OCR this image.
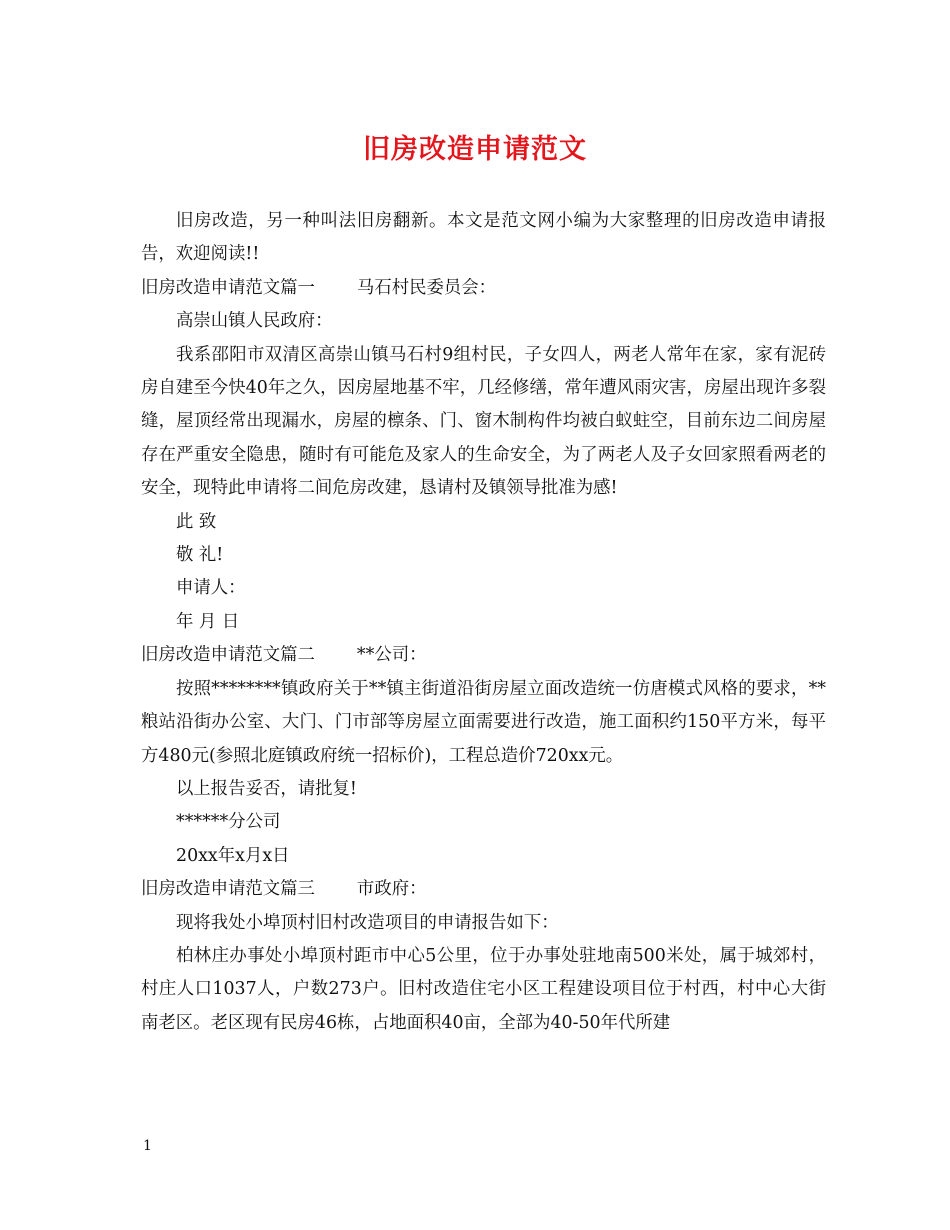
旧房改造申请范文

旧房改造，另一种叫法旧房翻新。本文是范文网小编为大家整理的旧房改造申请报告，欢迎阅读!!

旧房改造申请范文篇一 马石村民委员会：

高崇山镇人民政府：

我系邵阳市双清区高崇山镇马石村9组村民，子女四人，两老人常年在家，家有泥砖房自建至今快40年之久，因房屋地基不牢，几经修缮，常年遭风雨灾害，房屋出现许多裂缝，屋顶经常出现漏水，房屋的檩条、门、窗木制构件均被白蚁蛀空，目前东边二间房屋存在严重安全隐患，随时有可能危及家人的生命安全，为了两老人及子女回家照看两老的安全，现特此申请将二间危房改建，恳请村及镇领导批准为感!

此 致

敬 礼!

申请人：

年 月 日

旧房改造申请范文篇二 **公司：

按照********镇政府关于**镇主街道沿街房屋立面改造统一仿唐模式风格的要求，**粮站沿街办公室、大门、门市部等房屋立面需要进行改造，施工面积约150平方米，每平方480元(参照北庭镇政府统一招标价)，工程总造价720xx元。

以上报告妥否，请批复!

******分公司

20xx年x月x日

旧房改造申请范文篇三 市政府：

现将我处小埠顶村旧村改造项目的申请报告如下：

柏林庄办事处小埠顶村距市中心5公里，位于办事处驻地南500米处，属于城郊村，村庄人口1037人，户数273户。旧村改造住宅小区工程建设项目位于村西，村中心大街南老区。老区现有民房46栋，占地面积40亩，全部为40-50年代所建

1
